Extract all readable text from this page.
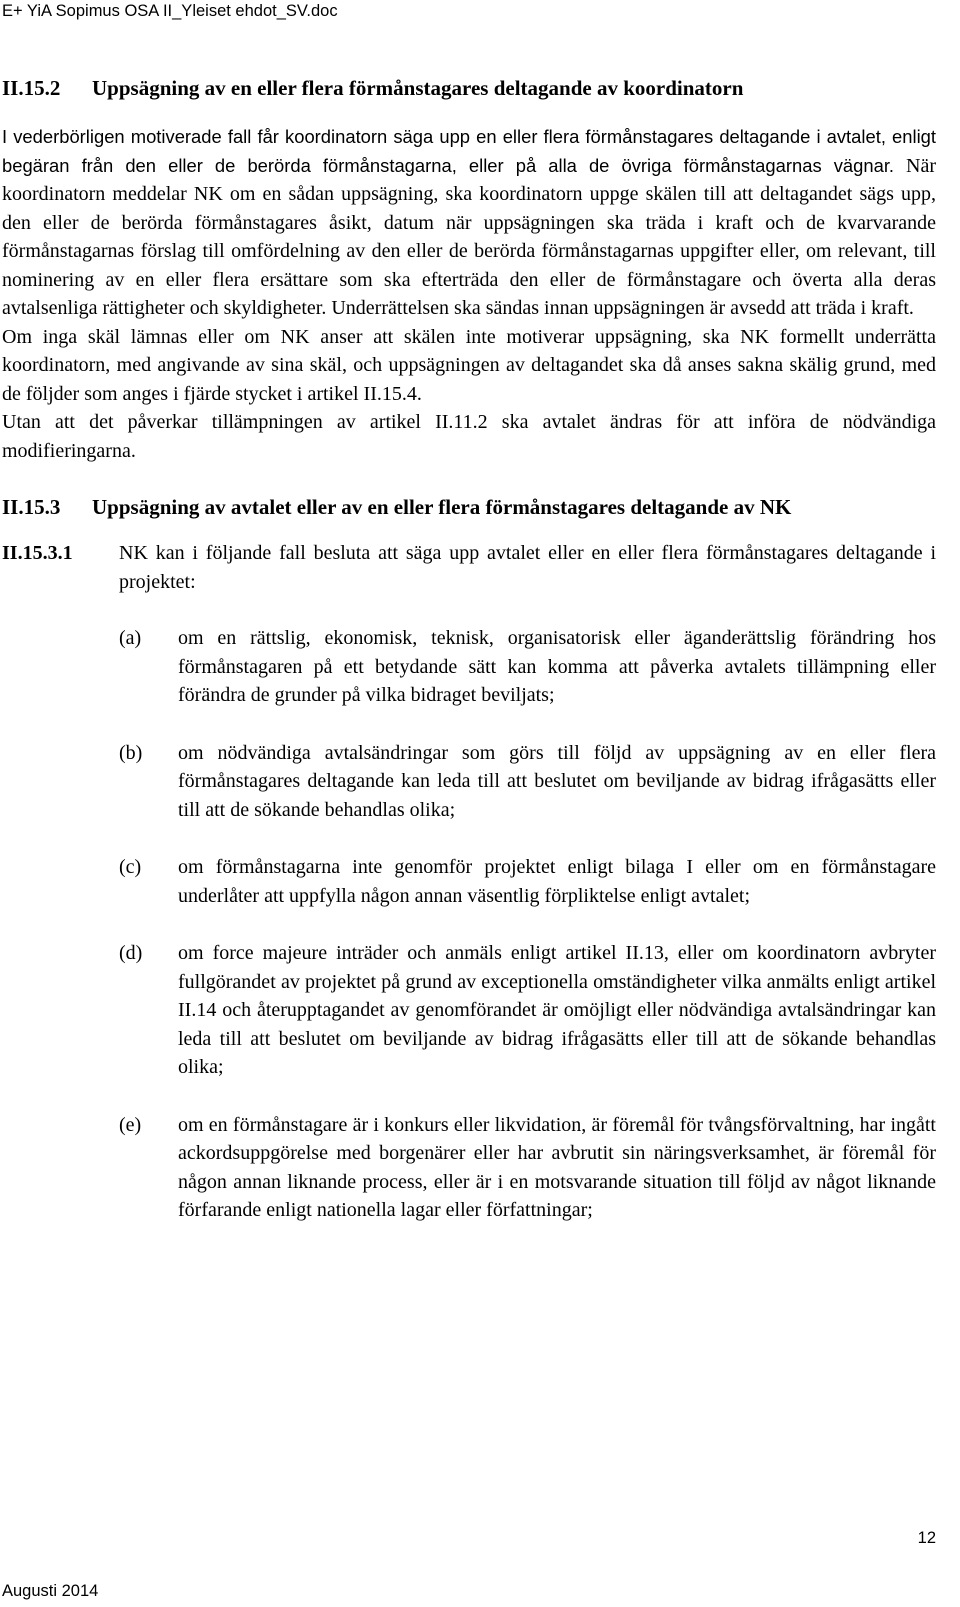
E+ YiA Sopimus OSA II_Yleiset ehdot_SV.doc
II.15.2	Uppsägning av en eller flera förmånstagares deltagande av koordinatorn

I vederbörligen motiverade fall får koordinatorn säga upp en eller flera förmånstagares deltagande i avtalet, enligt begäran från den eller de berörda förmånstagarna, eller på alla de övriga förmånstagarnas vägnar. När koordinatorn meddelar NK om en sådan uppsägning, ska koordinatorn uppge skälen till att deltagandet sägs upp, den eller de berörda förmånstagares åsikt, datum när uppsägningen ska träda i kraft och de kvarvarande förmånstagarnas förslag till omfördelning av den eller de berörda förmånstagarnas uppgifter eller, om relevant, till nominering av en eller flera ersättare som ska efterträda den eller de förmånstagare och överta alla deras avtalsenliga rättigheter och skyldigheter. Underrättelsen ska sändas innan uppsägningen är avsedd att träda i kraft.

Om inga skäl lämnas eller om NK anser att skälen inte motiverar uppsägning, ska NK formellt underrätta koordinatorn, med angivande av sina skäl, och uppsägningen av deltagandet ska då anses sakna skälig grund, med de följder som anges i fjärde stycket i artikel II.15.4.

Utan att det påverkar tillämpningen av artikel II.11.2 ska avtalet ändras för att införa de nödvändiga modifieringarna.

II.15.3	Uppsägning av avtalet eller av en eller flera förmånstagares deltagande av NK
II.15.3.1	NK kan i följande fall besluta att säga upp avtalet eller en eller flera förmånstagares deltagande i projektet:
(a)	om en rättslig, ekonomisk, teknisk, organisatorisk eller äganderättslig förändring hos förmånstagaren på ett betydande sätt kan komma att påverka avtalets tillämpning eller förändra de grunder på vilka bidraget beviljats;
(b)	om nödvändiga avtalsändringar som görs till följd av uppsägning av en eller flera förmånstagares deltagande kan leda till att beslutet om beviljande av bidrag ifrågasätts eller till att de sökande behandlas olika;
(c)	om förmånstagarna inte genomför projektet enligt bilaga I eller om en förmånstagare underlåter att uppfylla någon annan väsentlig förpliktelse enligt avtalet;
(d)	om force majeure inträder och anmäls enligt artikel II.13, eller om koordinatorn avbryter fullgörandet av projektet på grund av exceptionella omständigheter vilka anmälts enligt artikel II.14 och återupptagandet av genomförandet är omöjligt eller nödvändiga avtalsändringar kan leda till att beslutet om beviljande av bidrag ifrågasätts eller till att de sökande behandlas olika;
(e)	om en förmånstagare är i konkurs eller likvidation, är föremål för tvångsförvaltning, har ingått ackordsuppgörelse med borgenärer eller har avbrutit sin näringsverksamhet, är föremål för någon annan liknande process, eller är i en motsvarande situation till följd av något liknande förfarande enligt nationella lagar eller författningar;
12
Augusti 2014
